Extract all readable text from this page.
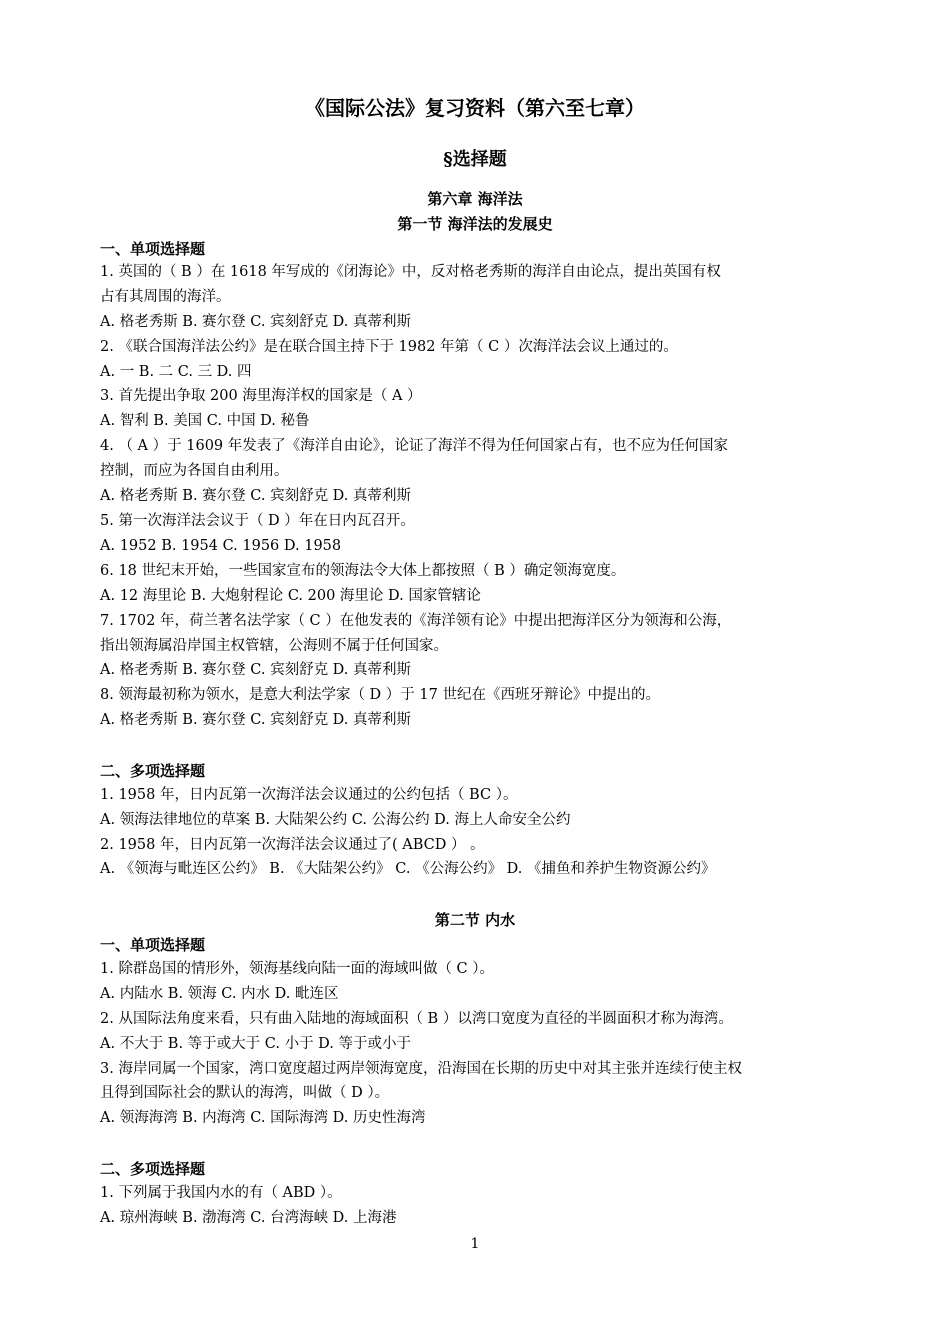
《国际公法》复习资料（第六至七章）
§选择题
第六章 海洋法
第一节 海洋法的发展史
一、单项选择题
1. 英国的（ B ）在 1618 年写成的《闭海论》中，反对格老秀斯的海洋自由论点，提出英国有权
占有其周围的海洋。
A. 格老秀斯 B. 赛尔登 C. 宾刻舒克 D. 真蒂利斯
2. 《联合国海洋法公约》是在联合国主持下于 1982 年第（ C ）次海洋法会议上通过的。
A. 一 B. 二 C. 三 D. 四
3. 首先提出争取 200 海里海洋权的国家是（ A ）
A. 智利 B. 美国 C. 中国 D. 秘鲁
4. （ A ）于 1609 年发表了《海洋自由论》，论证了海洋不得为任何国家占有，也不应为任何国家
控制，而应为各国自由利用。
A. 格老秀斯 B. 赛尔登 C. 宾刻舒克 D. 真蒂利斯
5. 第一次海洋法会议于（ D ）年在日内瓦召开。
A. 1952 B. 1954 C. 1956 D. 1958
6. 18 世纪末开始，一些国家宣布的领海法令大体上都按照（ B ）确定领海宽度。
A. 12 海里论 B. 大炮射程论 C. 200 海里论 D. 国家管辖论
7. 1702 年，荷兰著名法学家（ C ）在他发表的《海洋领有论》中提出把海洋区分为领海和公海，
指出领海属沿岸国主权管辖，公海则不属于任何国家。
A. 格老秀斯 B. 赛尔登 C. 宾刻舒克 D. 真蒂利斯
8. 领海最初称为领水，是意大利法学家（ D ）于 17 世纪在《西班牙辩论》中提出的。
A. 格老秀斯 B. 赛尔登 C. 宾刻舒克 D. 真蒂利斯
二、多项选择题
1. 1958 年，日内瓦第一次海洋法会议通过的公约包括（ BC ）。
A. 领海法律地位的草案 B. 大陆架公约 C. 公海公约 D. 海上人命安全公约
2. 1958 年，日内瓦第一次海洋法会议通过了( ABCD ） 。
A. 《领海与毗连区公约》 B. 《大陆架公约》 C. 《公海公约》 D. 《捕鱼和养护生物资源公约》
第二节 内水
一、单项选择题
1. 除群岛国的情形外，领海基线向陆一面的海域叫做（ C ）。
A. 内陆水 B. 领海 C. 内水 D. 毗连区
2. 从国际法角度来看，只有曲入陆地的海域面积（ B ）以湾口宽度为直径的半圆面积才称为海湾。
A. 不大于 B. 等于或大于 C. 小于 D. 等于或小于
3. 海岸同属一个国家，湾口宽度超过两岸领海宽度，沿海国在长期的历史中对其主张并连续行使主权
且得到国际社会的默认的海湾，叫做（ D ）。
A. 领海海湾 B. 内海湾 C. 国际海湾 D. 历史性海湾
二、多项选择题
1. 下列属于我国内水的有（ ABD ）。
A. 琼州海峡 B. 渤海湾 C. 台湾海峡 D. 上海港
1
